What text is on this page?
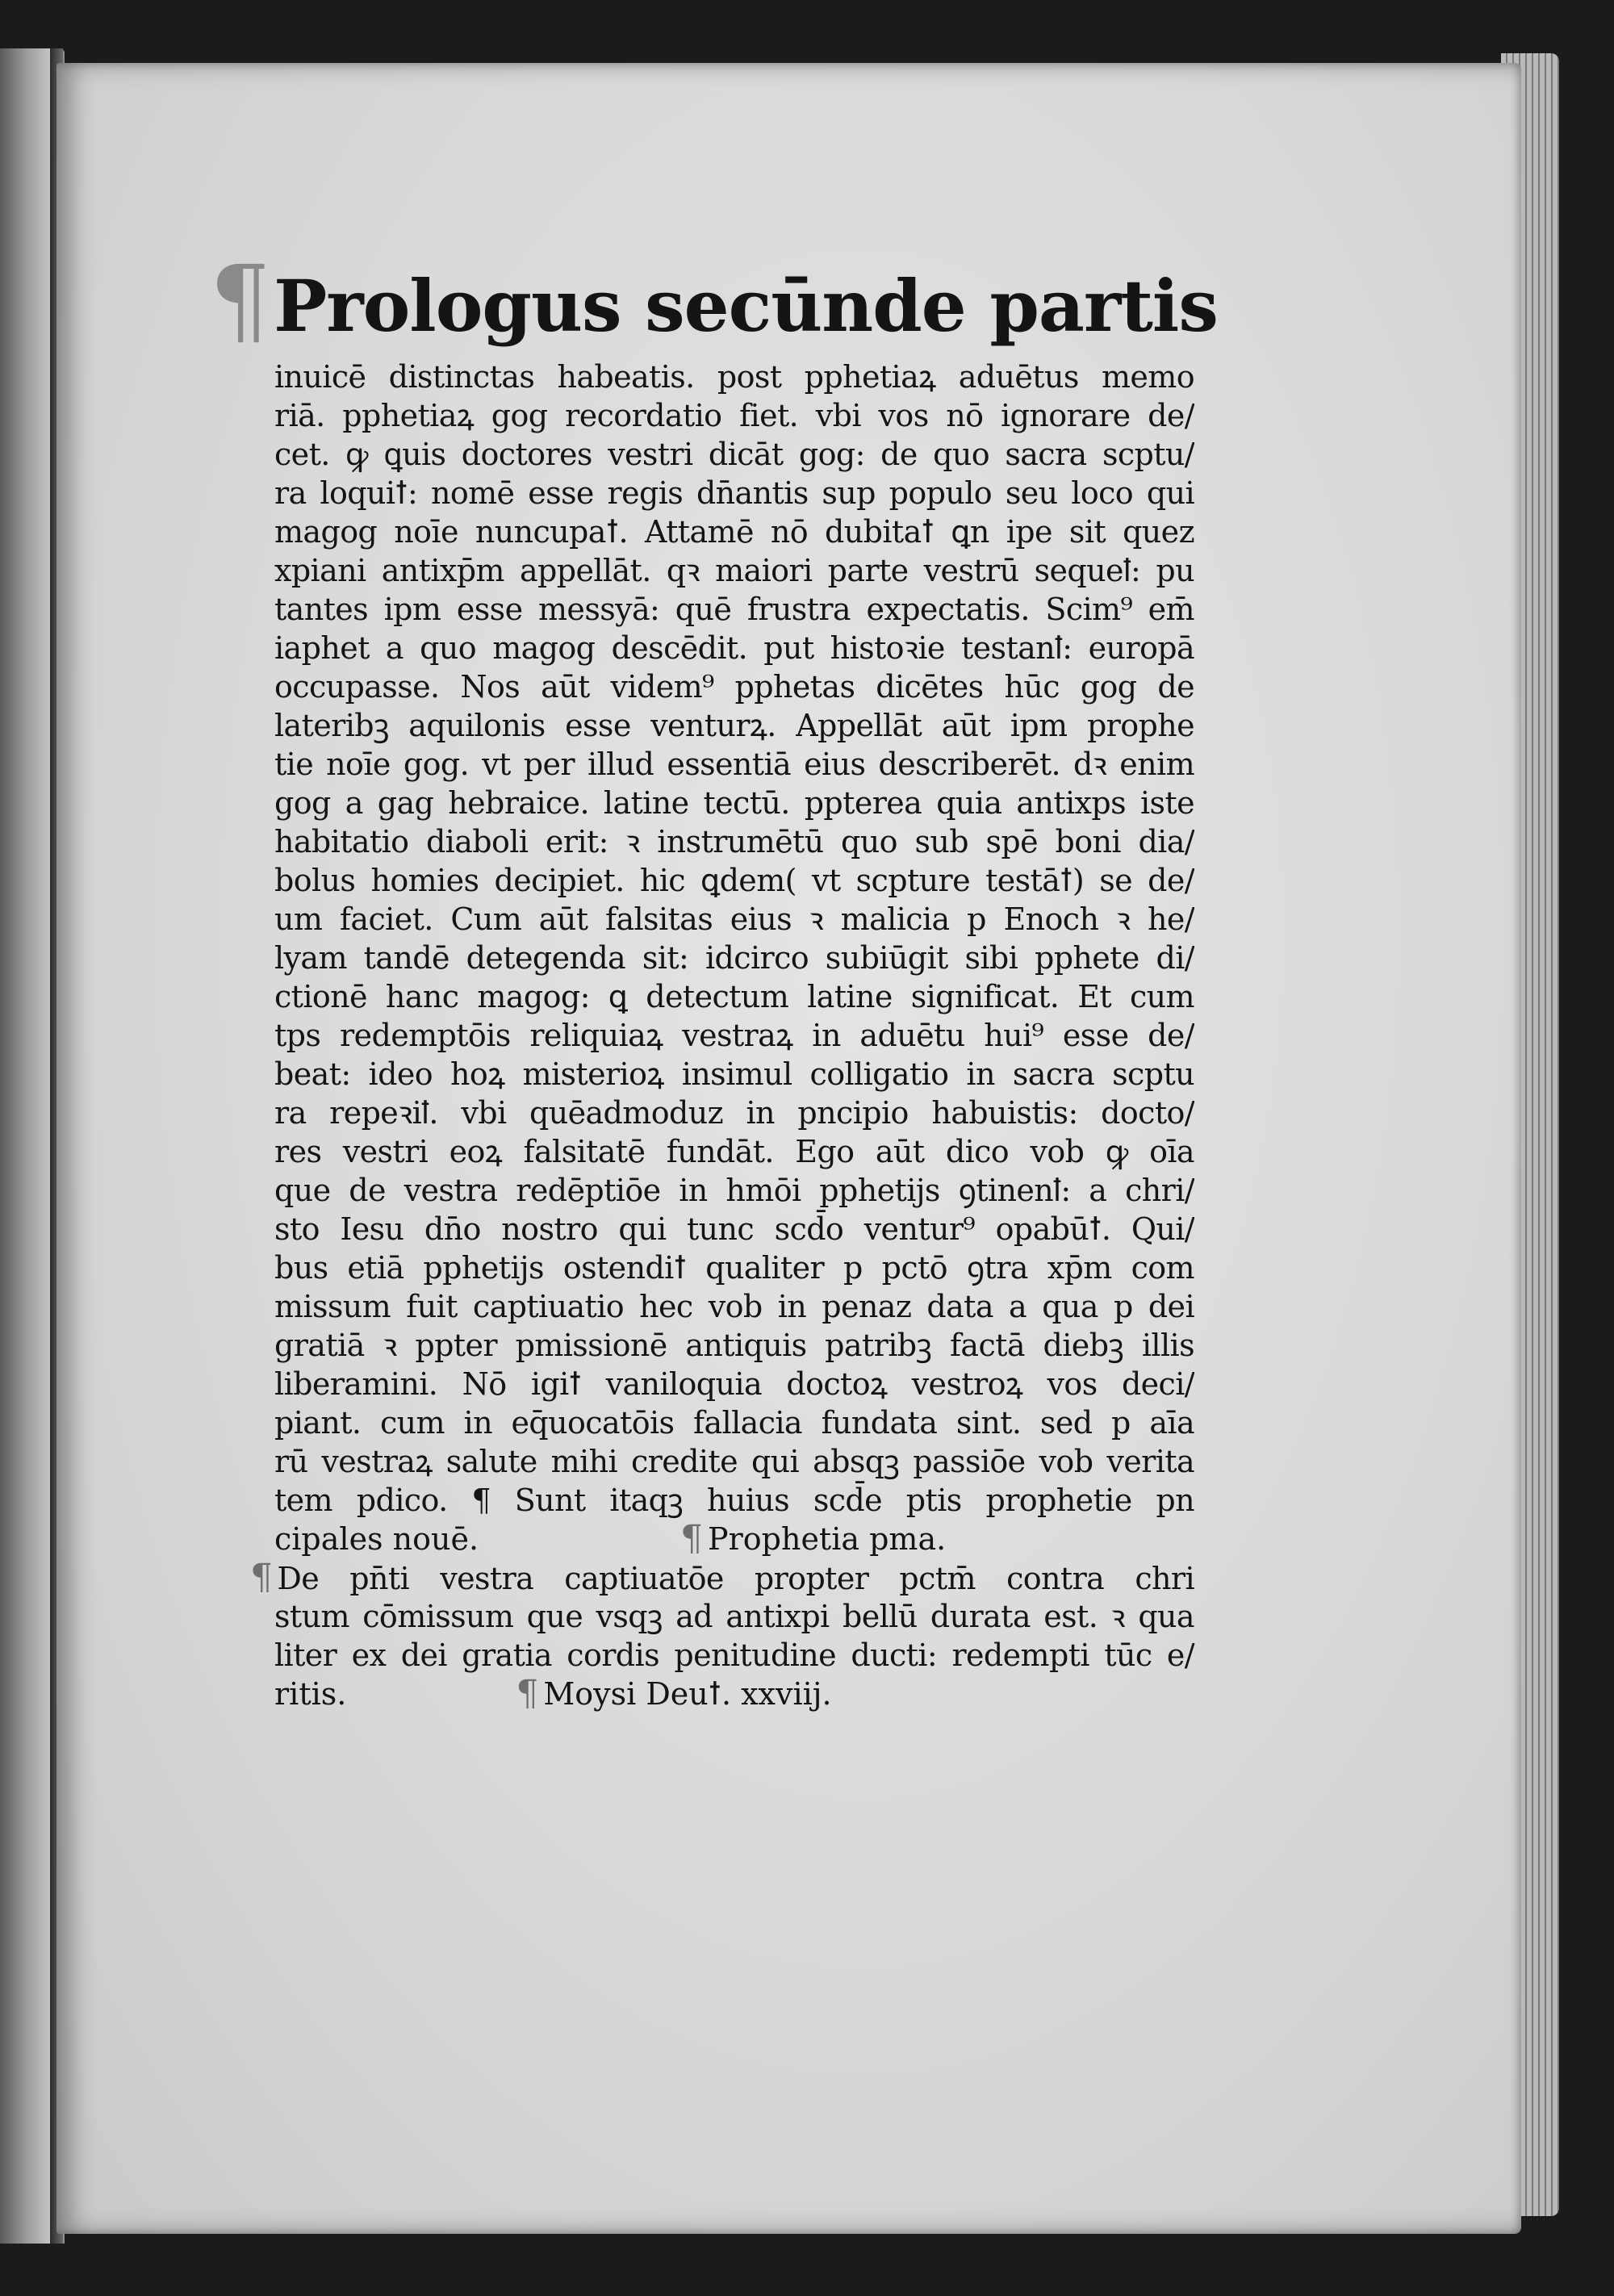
¶ Prologus secūnde partis
inuicē distinctas habeatis. post pphetiaꝝ aduētus memo
riā. pphetiaꝝ gog recordatio fiet. vbi vos nō ignorare de/
cet. ꝙ ꝗuis doctores vestri dicāt gog: de quo sacra scptu/
ra loquiꝉ: nomē esse regis dn̄antis sup populo seu loco qui
magog noīe nuncupaꝉ. Attamē nō dubitaꝉ ꝗn ipe sit quez
xpiani antixp̄m appellāt. qꝛ maiori parte vestrū sequeꝉ: pu
tantes ipm esse messyā: quē frustra expectatis. Scim⁹ em̄
iaphet a quo magog descēdit. put histoꝛie testanꝉ: europā
occupasse. Nos aūt videm⁹ pphetas dicētes hūc gog de
lateribꝫ aquilonis esse venturꝝ. Appellāt aūt ipm prophe
tie noīe gog. vt per illud essentiā eius describerēt. dꝛ enim
gog a gag hebraice. latine tectū. ppterea quia antixps iste
habitatio diaboli erit: ꝛ instrumētū quo sub spē boni dia/
bolus homies decipiet. hic ꝗdem( vt scpture testāꝉ) se de/
um faciet. Cum aūt falsitas eius ꝛ malicia p Enoch ꝛ he/
lyam tandē detegenda sit: idcirco subiūgit sibi pphete di/
ctionē hanc magog: ꝗ detectum latine significat. Et cum
tps redemptōis reliquiaꝝ vestraꝝ in aduētu hui⁹ esse de/
beat: ideo hoꝝ misterioꝝ insimul colligatio in sacra scptu
ra repeꝛiꝉ. vbi quēadmoduz in pncipio habuistis: docto/
res vestri eoꝝ falsitatē fundāt. Ego aūt dico vob ꝙ oīa
que de vestra redēptiōe in hmōi pphetijs ꝯtinenꝉ: a chri/
sto Iesu dn̄o nostro qui tunc scd̄o ventur⁹ opabūꝉ. Qui/
bus etiā pphetijs ostendiꝉ qualiter p pctō ꝯtra xp̄m com
missum fuit captiuatio hec vob in penaz data a qua p dei
gratiā ꝛ ppter pmissionē antiquis patribꝫ factā diebꝫ illis
liberamini. Nō igiꝉ vaniloquia doctoꝝ vestroꝝ vos deci/
piant. cum in eq̄uocatōis fallacia fundata sint. sed p aīa
rū vestraꝝ salute mihi credite qui absqꝫ passiōe vob verita
tem pdico. ¶ Sunt itaqꝫ huius scd̄e ptis prophetie pn
cipales nouē.	¶ Prophetia pma.
¶ De pn̄ti vestra captiuatōe propter pctm̄ contra chri
stum cōmissum que vsqꝫ ad antixpi bellū durata est. ꝛ qua
liter ex dei gratia cordis penitudine ducti: redempti tūc e/
ritis.	¶ Moysi Deuꝉ. xxviij.
